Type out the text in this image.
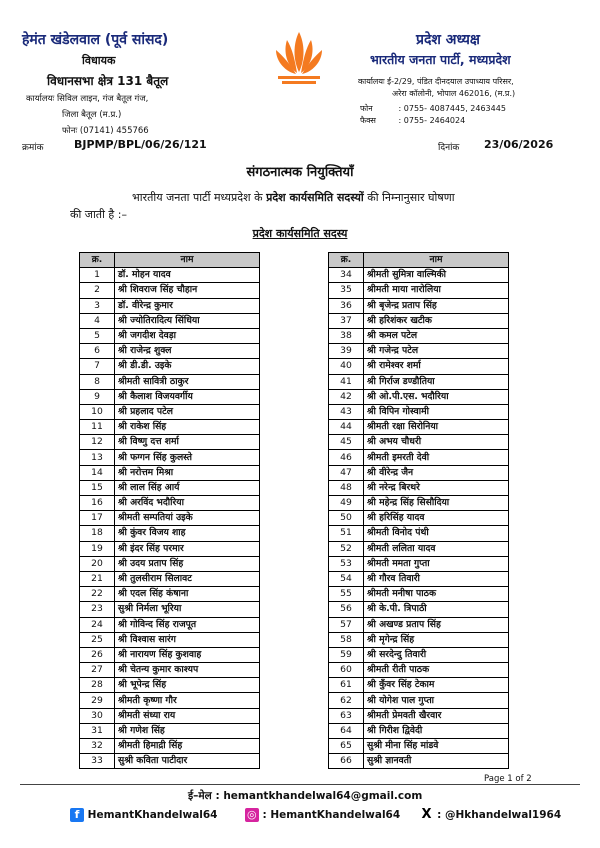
हेमंत खंडेलवाल (पूर्व सांसद)
विधायक
विधानसभा क्षेत्र 131 बैतूल
कार्यालयः सिविल लाइन, गंज बैतूल गंज,
जिला बैतूल (म.प्र.)
फोनः (07141) 455766
प्रदेश अध्यक्ष
भारतीय जनता पार्टी, मध्यप्रदेश
कार्यालयः ई-2/29, पंडित दीनदयाल उपाध्याय परिसर,
अरेरा कॉलोनी, भोपाल 462016, (म.प्र.)
फोन	: 0755- 4087445, 2463445
फैक्स	: 0755- 2464024
क्रमांक	BJPMP/BPL/06/26/121	दिनांक 23/06/2026
संगठनात्मक नियुक्तियाँ
भारतीय जनता पार्टी मध्यप्रदेश के प्रदेश कार्यसमिति सदस्यों की निम्नानुसार घोषणा
की जाती है :–
प्रदेश कार्यसमिति सदस्य
क्र.	नाम
1	डॉ. मोहन यादव
2	श्री शिवराज सिंह चौहान
3	डॉ. वीरेन्द्र कुमार
4	श्री ज्योतिरादित्य सिंधिया
5	श्री जगदीश देवड़ा
6	श्री राजेन्द्र शुक्ल
7	श्री डी.डी. उइके
8	श्रीमती सावित्री ठाकुर
9	श्री कैलाश विजयवर्गीय
10	श्री प्रहलाद पटेल
11	श्री राकेश सिंह
12	श्री विष्णु दत्त शर्मा
13	श्री फग्गन सिंह कुलस्ते
14	श्री नरोत्तम मिश्रा
15	श्री लाल सिंह आर्य
16	श्री अरविंद भदौरिया
17	श्रीमती सम्पतियां उइके
18	श्री कुंवर विजय शाह
19	श्री इंदर सिंह परमार
20	श्री उदय प्रताप सिंह
21	श्री तुलसीराम सिलावट
22	श्री एदल सिंह कंषाना
23	सुश्री निर्मला भूरिया
24	श्री गोविन्द सिंह राजपूत
25	श्री विश्वास सारंग
26	श्री नारायण सिंह कुशवाह
27	श्री चेतन्य कुमार काश्यप
28	श्री भूपेन्द्र सिंह
29	श्रीमती कृष्णा गौर
30	श्रीमती संध्या राय
31	श्री गणेश सिंह
32	श्रीमती हिमाद्री सिंह
33	सुश्री कविता पाटीदार
क्र.	नाम
34	श्रीमती सुमित्रा वाल्मिकी
35	श्रीमती माया नारोलिया
36	श्री बृजेन्द्र प्रताप सिंह
37	श्री हरिशंकर खटीक
38	श्री कमल पटेल
39	श्री गजेन्द्र पटेल
40	श्री रामेश्वर शर्मा
41	श्री गिर्राज डण्डौतिया
42	श्री ओ.पी.एस. भदौरिया
43	श्री विपिन गोस्वामी
44	श्रीमती रक्षा सिरोनिया
45	श्री अभय चौधरी
46	श्रीमती इमरती देवी
47	श्री वीरेन्द्र जैन
48	श्री नरेन्द्र बिरथरे
49	श्री महेन्द्र सिंह सिसौदिया
50	श्री हरिसिंह यादव
51	श्रीमती विनोद पंथी
52	श्रीमती ललिता यादव
53	श्रीमती ममता गुप्ता
54	श्री गौरव तिवारी
55	श्रीमती मनीषा पाठक
56	श्री के.पी. त्रिपाठी
57	श्री अखण्ड प्रताप सिंह
58	श्री मृगेन्द्र सिंह
59	श्री सरदेन्दु तिवारी
60	श्रीमती रीती पाठक
61	श्री कुँवर सिंह टेकाम
62	श्री योगेश पाल गुप्ता
63	श्रीमती प्रेमवती खैरवार
64	श्री गिरीश द्विवेदी
65	सुश्री मीना सिंह मांडवे
66	सुश्री ज्ञानवती
Page 1 of 2
ई–मेल : hemantkhandelwal64@gmail.com
f HemantKhandelwal64	◎ : HemantKhandelwal64 X : @Hkhandelwal1964
